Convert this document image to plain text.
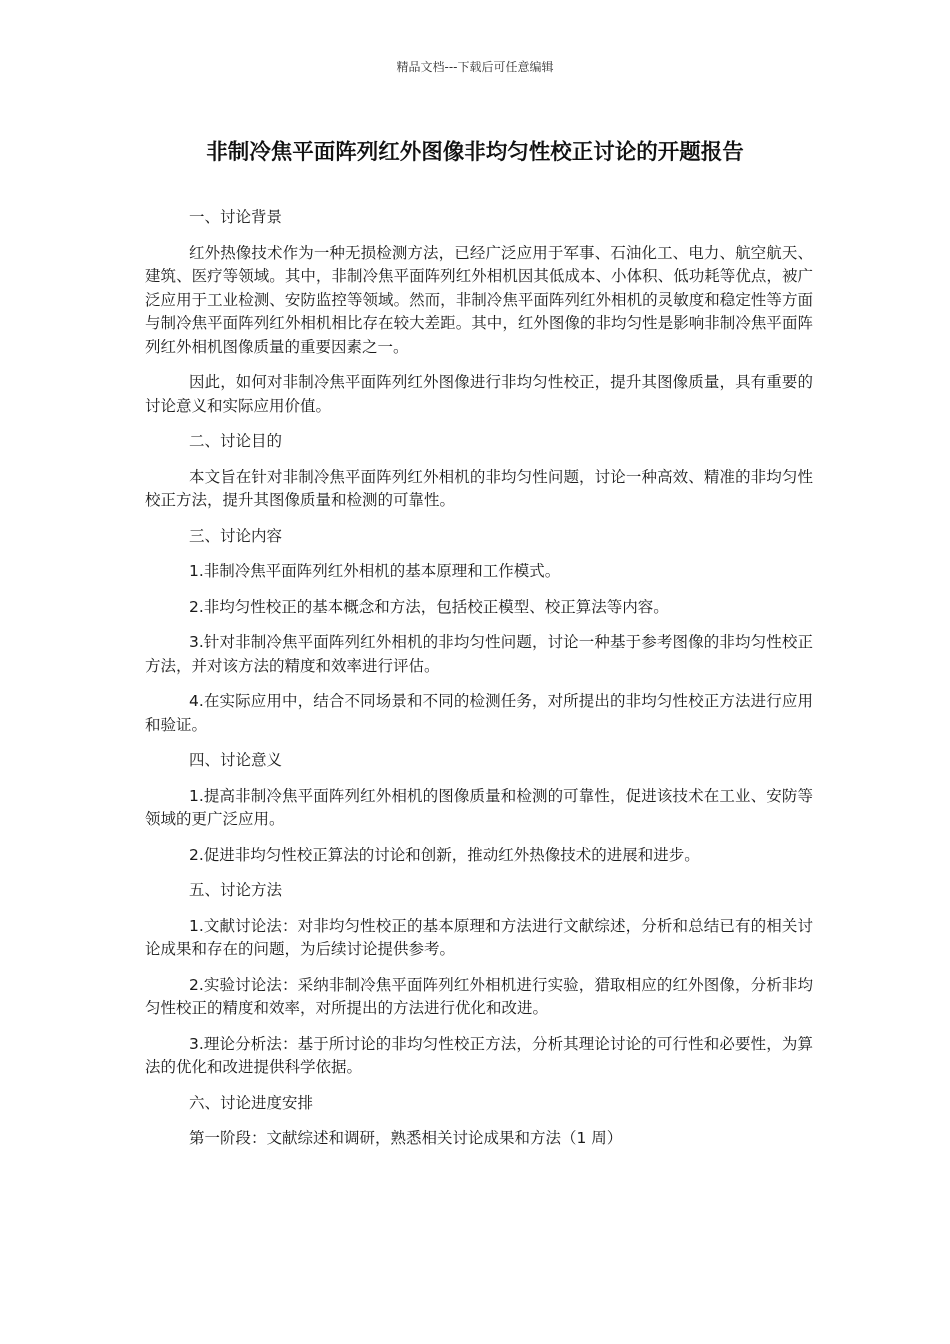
精品文档---下载后可任意编辑
非制冷焦平面阵列红外图像非均匀性校正讨论的开题报告

一、讨论背景

红外热像技术作为一种无损检测方法，已经广泛应用于军事、石油化工、电力、航空航天、建筑、医疗等领域。其中，非制冷焦平面阵列红外相机因其低成本、小体积、低功耗等优点，被广泛应用于工业检测、安防监控等领域。然而，非制冷焦平面阵列红外相机的灵敏度和稳定性等方面与制冷焦平面阵列红外相机相比存在较大差距。其中，红外图像的非均匀性是影响非制冷焦平面阵列红外相机图像质量的重要因素之一。

因此，如何对非制冷焦平面阵列红外图像进行非均匀性校正，提升其图像质量，具有重要的讨论意义和实际应用价值。

二、讨论目的

本文旨在针对非制冷焦平面阵列红外相机的非均匀性问题，讨论一种高效、精准的非均匀性校正方法，提升其图像质量和检测的可靠性。

三、讨论内容

1.非制冷焦平面阵列红外相机的基本原理和工作模式。

2.非均匀性校正的基本概念和方法，包括校正模型、校正算法等内容。

3.针对非制冷焦平面阵列红外相机的非均匀性问题，讨论一种基于参考图像的非均匀性校正方法，并对该方法的精度和效率进行评估。

4.在实际应用中，结合不同场景和不同的检测任务，对所提出的非均匀性校正方法进行应用和验证。

四、讨论意义

1.提高非制冷焦平面阵列红外相机的图像质量和检测的可靠性，促进该技术在工业、安防等领域的更广泛应用。

2.促进非均匀性校正算法的讨论和创新，推动红外热像技术的进展和进步。

五、讨论方法

1.文献讨论法：对非均匀性校正的基本原理和方法进行文献综述，分析和总结已有的相关讨论成果和存在的问题，为后续讨论提供参考。

2.实验讨论法：采纳非制冷焦平面阵列红外相机进行实验，猎取相应的红外图像，分析非均匀性校正的精度和效率，对所提出的方法进行优化和改进。

3.理论分析法：基于所讨论的非均匀性校正方法，分析其理论讨论的可行性和必要性，为算法的优化和改进提供科学依据。

六、讨论进度安排

第一阶段：文献综述和调研，熟悉相关讨论成果和方法（1 周）
